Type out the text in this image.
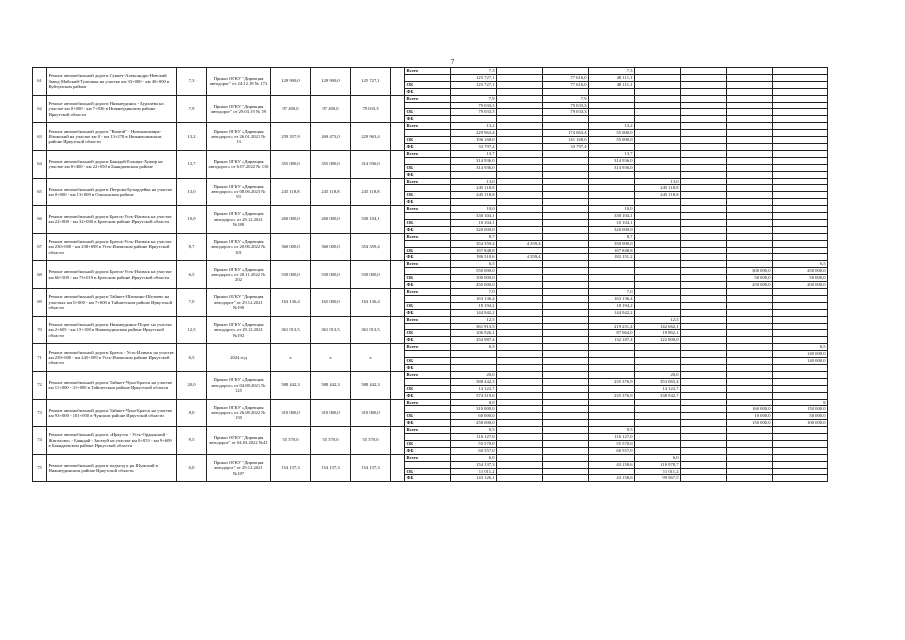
7
61	Ремонт автомобильной дороги Сукнет-Александро-Невский Завод-Майский-Тулюшка на участке км 33+000 - км 40+000 в Куйтунском районе	7,3	Приказ ОГКУ "Дирекция автодорог" от 24.12.18 № 173	129 900,0	129 900,0	125 727,1		Всего	7,3			7,3				
									125 727,1		77 616,0	48 111,1				
								ОБ	125 727,1		77 616,0	48 111,1				
								ФБ								
62	Ремонт автомобильной дороги Нижнеудинск - Бурхаева на участке км 0+000 - км 7+936 в Нижнеудинском районе Иркутской области	7,9	Приказ ОГКУ "Дирекция автодорог" от 29.03.19 № 59	97 200,0	97 200,0	79 033,3		Всего	7,9		7,9					
									79 033,3		79 033,3					
								ОБ	79 033,3		79 033,3					
								ФБ								
63	Ремонт автомобильной дороги "Вилюй" - Новокашачира-Илимский на участке км 0 - км 13+278 в Нижнеилимском районе Иркутской области	13,2	Приказ ОГКУ «Дирекция автодорог» от 26.01.2021 № 13	259 357,9	269 473,0	229 963,4		Всего	13,2			13,2				
									229 963,4		174 063,4	55 000,0				
								ОБ	196 168,0		141 168,0	55 000,0				
								ФБ	33 797,4		33 797,4					
64	Ремонт автомобильной дороги Баяндай-Еланцы-Хужир на участке км 8+400 - км 22+050 в Баяндаевском районе	13,7	Приказ ОГКУ «Дирекция автодорог» от 6.07.2022 № 110	355 000,0	355 000,0	314 936,0		Всего	13,7			13,7				
									314 936,0			314 936,0				
								ОБ	314 936,0			314 936,0				
								ФБ								
65	Ремонт автомобильной дороги Петрова-Бутырдейка на участке км 0+000 - км 13+000 в Ольхонском районе	13,0	Приказ ОГКУ «Дирекция автодорог» от 08.06.2023 № 93	245 118,8	245 118,8	245 118,8		Всего	13,0				13,0			
									245 118,8				245 118,8			
								ОБ	245 118,8				245 118,8			
								ФБ								
66	Ремонт автомобильной дороги Братск-Усть-Илимск на участке км 22+000 - км 32+000 в Братском районе Иркутской области	10,0	Приказ ОГКУ «Дирекция автодорог» от 29.12.2021 №188	260 000,0	260 000,0	330 104,1		Всего	10,0			10,0				
									330 104,1			330 104,1				
								ОБ	10 104,1			10 104,1				
								ФБ	320 000,0			320 000,0				
67	Ремонт автомобильной дороги Братск-Усть-Илимск на участке км 230+000 - км 238+698 в Усть-Илимском районе Иркутской области	8,7	Приказ ОГКУ «Дирекция автодорог» от 20.06.2022 № 101	360 000,0	360 000,0	354 359,4		Всего	8,7			8,7				
									354 359,4	4 359,4		350 000,0				
								ОБ	167 848,8			167 848,8				
								ФБ	186 510,6	4 359,4		182 151,2				
68	Ремонт автомобильной дороги Братск-Усть-Илимск на участке км 66+500 - км 73+019 в Братском районе Иркутской области	6,5	Приказ ОГКУ «Дирекция автодорог» от 28.11.2022 № 202	550 000,0	550 000,0	550 000,0		Всего	6,5							6,5
									550 000,0						300 000,0	250 000,0
								ОБ	100 000,0						50 000,0	50 000,0
								ФБ	450 000,0						250 000,0	200 000,0
69	Ремонт автомобильной дороги Тайшет-Шиткино-Шелаево на участках км 0+000 - км 7+000 в Тайшетском районе Иркутской области	7,0	Приказ ОГКУ "Дирекция автодорог" от 29.12.2021 №190	163 136,4	165 000,0	163 136,4		Всего	7,0			7,0				
									163 136,4			163 136,4				
								ОБ	18 194,2			18 194,2				
								ФБ	144 942,2			144 942,2				
70	Ремонт автомобильной дороги Нижнеудинск-Порог на участке км 2+605 - км 15+108 в Нижнеудинском районе Иркутской области	12,5	Приказ ОГКУ «Дирекция автодорог» от 29.12.2021 №192	361 913,5	361 913,5	361 913,5		Всего	12,5				12,5			
									361 913,5			219 251,4	142 662,1			
								ОБ	106 926,1			87 064,0	19 862,1			
								ФБ	254 987,4			132 187,4	122 800,0			
71	Ремонт автомобильной дороги Братск - Усть-Илимск на участке км 239+000 - км 245+509 в Усть-Илимском районе Иркутской области	6,5	2024 год	х	х	х		Всего	6,5							6,5
																140 000,0
								ОБ								140 000,0
								ФБ								
72	Ремонт автомобильной дороги Тайшет-Чуна-Братск на участке км 11+000 - 31+000 в Тайшетском районе Иркутской области	20,0	Приказ ОГКУ «Дирекция автодорог» от 04.08.2021 № 125	588 442,3	588 442,3	588 442,3		Всего	20,0				20,0			
									588 442,3			235 376,9	353 065,4			
								ОБ	14 122,7				14 122,7			
								ФБ	574 319,6			235 376,9	338 942,7			
73	Ремонт автомобильной дороги Тайшет-Чуна-Братск на участке км 93+000 - 101+000 в Чунском районе Иркутской области	8,0	Приказ ОГКУ «Дирекция автодорог» от 26.08.2022 № 150	310 000,0	310 000,0	310 000,0		Всего	8,0							8
									310 000,0						160 000,0	150 000,0
								ОБ	60 000,0						10 000,0	50 000,0
								ФБ	250 000,0						150 000,0	100 000,0
74	Ремонт автомобильной дороги «Иркутск - Усть-Ордынский - Жигалово» - Баяндай - Загатуй на участке км 0+053 - км 9+609 в Баяндаевском районе Иркутской области	9,5	Приказ ОГКУ "Дирекция автодорог" от 04.03.2022 №41	55 570,0	55 570,0	55 570,0		Всего	9,5			9,5				
									116 127,0			116 127,0				
								ОБ	55 570,0			55 570,0				
								ФБ	60 557,0			60 557,0				
75	Ремонт автомобильной дороги подъезд к рп Шумский в Нижнеудинском районе Иркутской области	6,0	Приказ ОГКУ "Дирекция автодорог" от 29.12.2021 №187	154 137,3	154 137,3	154 137,3		Всего	6,0				6,0			
									154 137,3			43 158,6	110 978,7			
								ОБ	11 011,2				11 011,2			
								ФБ	143 126,1			43 158,6	99 967,5			
